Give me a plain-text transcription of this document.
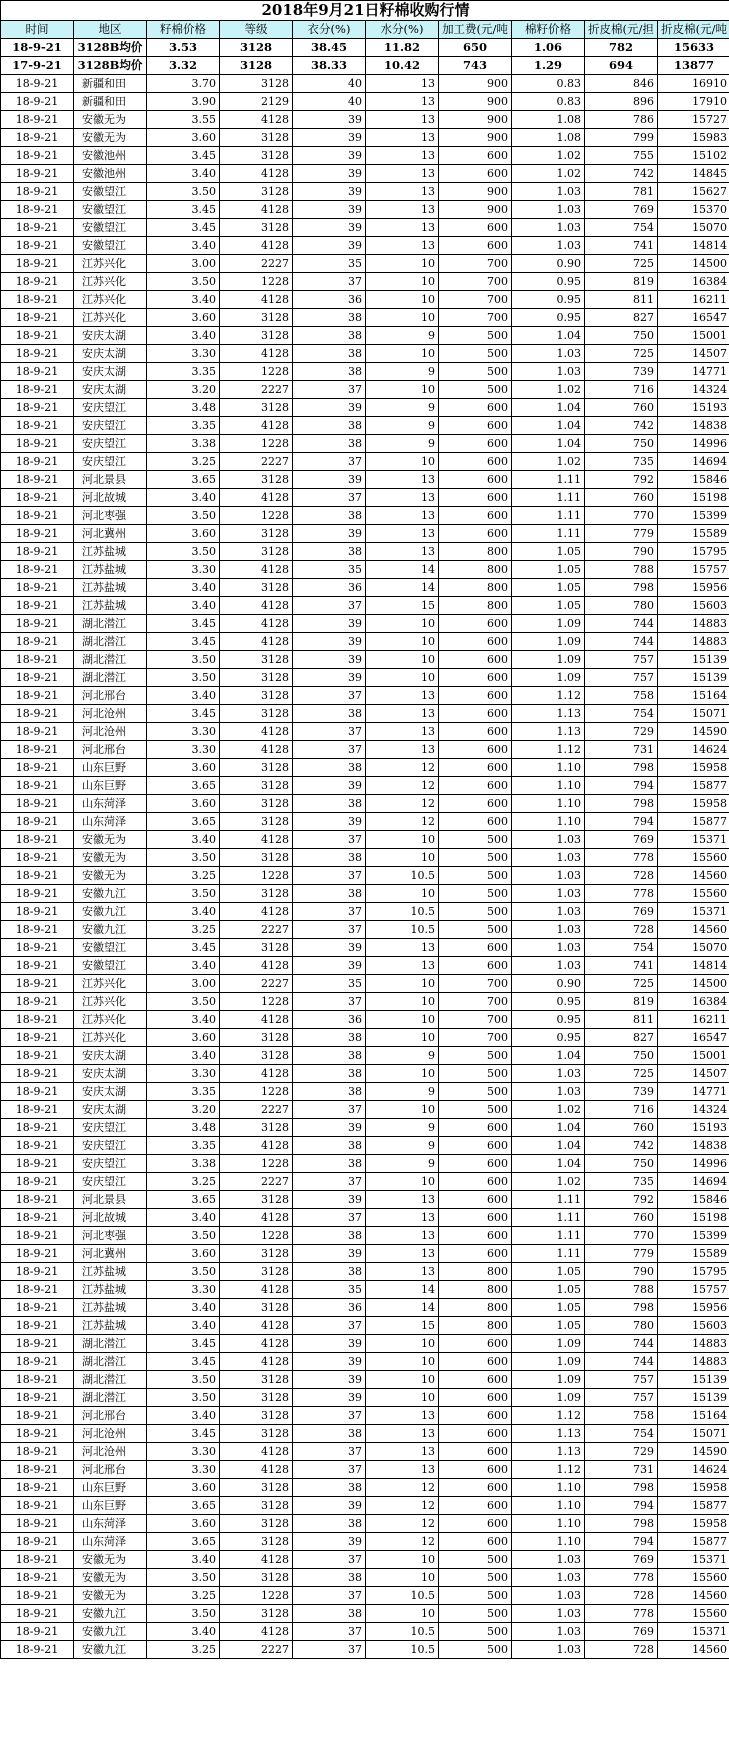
2018年9月21日籽棉收购行情									
时间	地区	籽棉价格	等级	衣分(%)	水分(%)	加工费(元/吨	棉籽价格	折皮棉(元/担	折皮棉(元/吨
18-9-21	3128B均价	3.53	3128	38.45	11.82	650	1.06	782	15633
17-9-21	3128B均价	3.32	3128	38.33	10.42	743	1.29	694	13877
18-9-21	新疆和田	3.70	3128	40	13	900	0.83	846	16910
18-9-21	新疆和田	3.90	2129	40	13	900	0.83	896	17910
18-9-21	安徽无为	3.55	4128	39	13	900	1.08	786	15727
18-9-21	安徽无为	3.60	3128	39	13	900	1.08	799	15983
18-9-21	安徽池州	3.45	3128	39	13	600	1.02	755	15102
18-9-21	安徽池州	3.40	4128	39	13	600	1.02	742	14845
18-9-21	安徽望江	3.50	3128	39	13	900	1.03	781	15627
18-9-21	安徽望江	3.45	4128	39	13	900	1.03	769	15370
18-9-21	安徽望江	3.45	3128	39	13	600	1.03	754	15070
18-9-21	安徽望江	3.40	4128	39	13	600	1.03	741	14814
18-9-21	江苏兴化	3.00	2227	35	10	700	0.90	725	14500
18-9-21	江苏兴化	3.50	1228	37	10	700	0.95	819	16384
18-9-21	江苏兴化	3.40	4128	36	10	700	0.95	811	16211
18-9-21	江苏兴化	3.60	3128	38	10	700	0.95	827	16547
18-9-21	安庆太湖	3.40	3128	38	9	500	1.04	750	15001
18-9-21	安庆太湖	3.30	4128	38	10	500	1.03	725	14507
18-9-21	安庆太湖	3.35	1228	38	9	500	1.03	739	14771
18-9-21	安庆太湖	3.20	2227	37	10	500	1.02	716	14324
18-9-21	安庆望江	3.48	3128	39	9	600	1.04	760	15193
18-9-21	安庆望江	3.35	4128	38	9	600	1.04	742	14838
18-9-21	安庆望江	3.38	1228	38	9	600	1.04	750	14996
18-9-21	安庆望江	3.25	2227	37	10	600	1.02	735	14694
18-9-21	河北景县	3.65	3128	39	13	600	1.11	792	15846
18-9-21	河北故城	3.40	4128	37	13	600	1.11	760	15198
18-9-21	河北枣强	3.50	1228	38	13	600	1.11	770	15399
18-9-21	河北冀州	3.60	3128	39	13	600	1.11	779	15589
18-9-21	江苏盐城	3.50	3128	38	13	800	1.05	790	15795
18-9-21	江苏盐城	3.30	4128	35	14	800	1.05	788	15757
18-9-21	江苏盐城	3.40	3128	36	14	800	1.05	798	15956
18-9-21	江苏盐城	3.40	4128	37	15	800	1.05	780	15603
18-9-21	湖北潜江	3.45	4128	39	10	600	1.09	744	14883
18-9-21	湖北潜江	3.45	4128	39	10	600	1.09	744	14883
18-9-21	湖北潜江	3.50	3128	39	10	600	1.09	757	15139
18-9-21	湖北潜江	3.50	3128	39	10	600	1.09	757	15139
18-9-21	河北邢台	3.40	3128	37	13	600	1.12	758	15164
18-9-21	河北沧州	3.45	3128	38	13	600	1.13	754	15071
18-9-21	河北沧州	3.30	4128	37	13	600	1.13	729	14590
18-9-21	河北邢台	3.30	4128	37	13	600	1.12	731	14624
18-9-21	山东巨野	3.60	3128	38	12	600	1.10	798	15958
18-9-21	山东巨野	3.65	3128	39	12	600	1.10	794	15877
18-9-21	山东菏泽	3.60	3128	38	12	600	1.10	798	15958
18-9-21	山东菏泽	3.65	3128	39	12	600	1.10	794	15877
18-9-21	安徽无为	3.40	4128	37	10	500	1.03	769	15371
18-9-21	安徽无为	3.50	3128	38	10	500	1.03	778	15560
18-9-21	安徽无为	3.25	1228	37	10.5	500	1.03	728	14560
18-9-21	安徽九江	3.50	3128	38	10	500	1.03	778	15560
18-9-21	安徽九江	3.40	4128	37	10.5	500	1.03	769	15371
18-9-21	安徽九江	3.25	2227	37	10.5	500	1.03	728	14560
18-9-21	安徽望江	3.45	3128	39	13	600	1.03	754	15070
18-9-21	安徽望江	3.40	4128	39	13	600	1.03	741	14814
18-9-21	江苏兴化	3.00	2227	35	10	700	0.90	725	14500
18-9-21	江苏兴化	3.50	1228	37	10	700	0.95	819	16384
18-9-21	江苏兴化	3.40	4128	36	10	700	0.95	811	16211
18-9-21	江苏兴化	3.60	3128	38	10	700	0.95	827	16547
18-9-21	安庆太湖	3.40	3128	38	9	500	1.04	750	15001
18-9-21	安庆太湖	3.30	4128	38	10	500	1.03	725	14507
18-9-21	安庆太湖	3.35	1228	38	9	500	1.03	739	14771
18-9-21	安庆太湖	3.20	2227	37	10	500	1.02	716	14324
18-9-21	安庆望江	3.48	3128	39	9	600	1.04	760	15193
18-9-21	安庆望江	3.35	4128	38	9	600	1.04	742	14838
18-9-21	安庆望江	3.38	1228	38	9	600	1.04	750	14996
18-9-21	安庆望江	3.25	2227	37	10	600	1.02	735	14694
18-9-21	河北景县	3.65	3128	39	13	600	1.11	792	15846
18-9-21	河北故城	3.40	4128	37	13	600	1.11	760	15198
18-9-21	河北枣强	3.50	1228	38	13	600	1.11	770	15399
18-9-21	河北冀州	3.60	3128	39	13	600	1.11	779	15589
18-9-21	江苏盐城	3.50	3128	38	13	800	1.05	790	15795
18-9-21	江苏盐城	3.30	4128	35	14	800	1.05	788	15757
18-9-21	江苏盐城	3.40	3128	36	14	800	1.05	798	15956
18-9-21	江苏盐城	3.40	4128	37	15	800	1.05	780	15603
18-9-21	湖北潜江	3.45	4128	39	10	600	1.09	744	14883
18-9-21	湖北潜江	3.45	4128	39	10	600	1.09	744	14883
18-9-21	湖北潜江	3.50	3128	39	10	600	1.09	757	15139
18-9-21	湖北潜江	3.50	3128	39	10	600	1.09	757	15139
18-9-21	河北邢台	3.40	3128	37	13	600	1.12	758	15164
18-9-21	河北沧州	3.45	3128	38	13	600	1.13	754	15071
18-9-21	河北沧州	3.30	4128	37	13	600	1.13	729	14590
18-9-21	河北邢台	3.30	4128	37	13	600	1.12	731	14624
18-9-21	山东巨野	3.60	3128	38	12	600	1.10	798	15958
18-9-21	山东巨野	3.65	3128	39	12	600	1.10	794	15877
18-9-21	山东菏泽	3.60	3128	38	12	600	1.10	798	15958
18-9-21	山东菏泽	3.65	3128	39	12	600	1.10	794	15877
18-9-21	安徽无为	3.40	4128	37	10	500	1.03	769	15371
18-9-21	安徽无为	3.50	3128	38	10	500	1.03	778	15560
18-9-21	安徽无为	3.25	1228	37	10.5	500	1.03	728	14560
18-9-21	安徽九江	3.50	3128	38	10	500	1.03	778	15560
18-9-21	安徽九江	3.40	4128	37	10.5	500	1.03	769	15371
18-9-21	安徽九江	3.25	2227	37	10.5	500	1.03	728	14560
